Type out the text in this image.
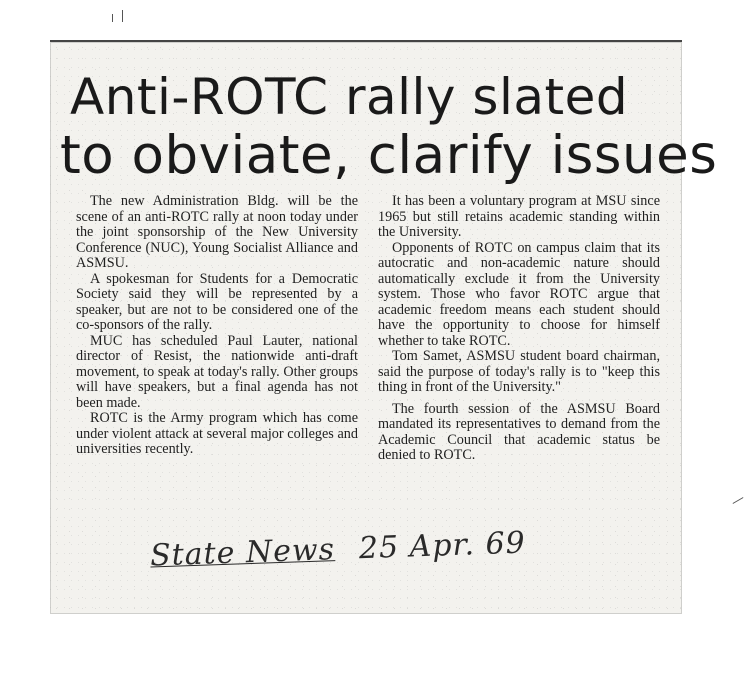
Anti-ROTC rally slated
to obviate, clarify issues

The new Administration Bldg. will be the scene of an anti-ROTC rally at noon today under the joint sponsorship of the New University Conference (NUC), Young Socialist Alliance and ASMSU.

A spokesman for Students for a Democratic Society said they will be represented by a speaker, but are not to be considered one of the co-sponsors of the rally.

MUC has scheduled Paul Lauter, national director of Resist, the nationwide anti-draft movement, to speak at today's rally. Other groups will have speakers, but a final agenda has not been made.

ROTC is the Army program which has come under violent attack at several major colleges and universities recently.

It has been a voluntary program at MSU since 1965 but still retains academic standing within the University.

Opponents of ROTC on campus claim that its autocratic and non-academic nature should automatically exclude it from the University system. Those who favor ROTC argue that academic freedom means each student should have the opportunity to choose for himself whether to take ROTC.

Tom Samet, ASMSU student board chairman, said the purpose of today's rally is to "keep this thing in front of the University."

The fourth session of the ASMSU Board mandated its representatives to demand from the Academic Council that academic status be denied to ROTC.

State News 25 Apr. 69
